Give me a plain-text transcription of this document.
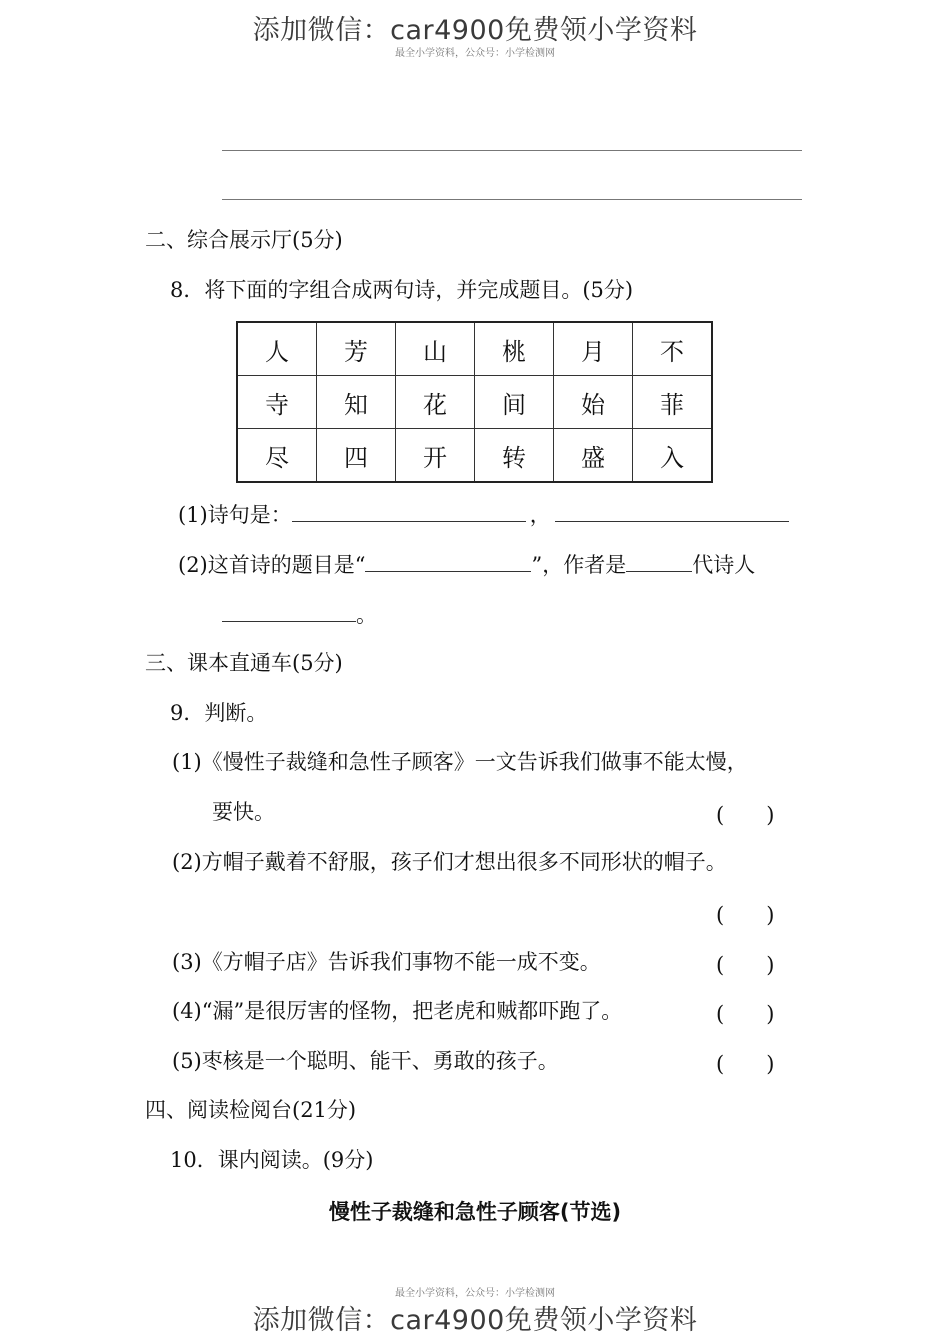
添加微信：car4900免费领小学资料
最全小学资料，公众号：小学检测网
二、综合展示厅(5分)
8．将下面的字组合成两句诗，并完成题目。(5分)
人	芳	山	桃	月	不
寺	知	花	间	始	菲
尽	四	开	转	盛	入
(1)诗句是：	，
(2)这首诗的题目是“	”，作者是	代诗人
。
三、课本直通车(5分)
9．判断。
(1)《慢性子裁缝和急性子顾客》一文告诉我们做事不能太慢，
要快。	(　　)
(2)方帽子戴着不舒服，孩子们才想出很多不同形状的帽子。
(　　)
(3)《方帽子店》告诉我们事物不能一成不变。	(　　)
(4)“漏”是很厉害的怪物，把老虎和贼都吓跑了。	(　　)
(5)枣核是一个聪明、能干、勇敢的孩子。	(　　)
四、阅读检阅台(21分)
10．课内阅读。(9分)
慢性子裁缝和急性子顾客(节选)
最全小学资料，公众号：小学检测网
添加微信：car4900免费领小学资料
